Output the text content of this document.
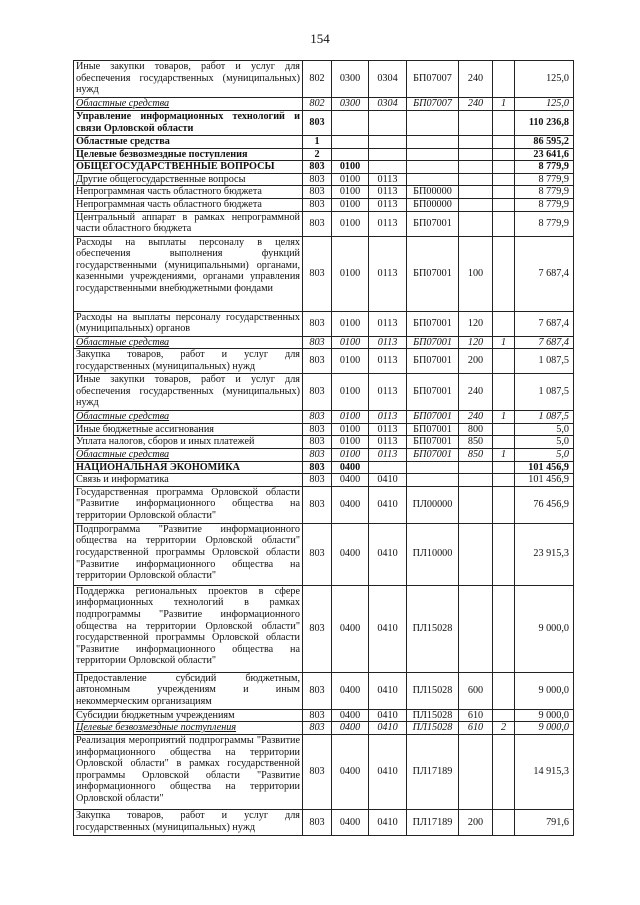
154
Иные закупки товаров, работ и услуг для обеспечения государственных (муниципальных) нужд	802	0300	0304	БП07007	240		125,0
Областные средства	802	0300	0304	БП07007	240	1	125,0
Управление информационных технологий и связи Орловской области	803						110 236,8
Областные средства	1						86 595,2
Целевые безвозмездные поступления	2						23 641,6
ОБЩЕГОСУДАРСТВЕННЫЕ ВОПРОСЫ	803	0100					8 779,9
Другие общегосударственные вопросы	803	0100	0113				8 779,9
Непрограммная часть областного бюджета	803	0100	0113	БП00000			8 779,9
Непрограммная часть областного бюджета	803	0100	0113	БП00000			8 779,9
Центральный аппарат в рамках непрограммной части областного бюджета	803	0100	0113	БП07001			8 779,9
Расходы на выплаты персоналу в целях обеспечения выполнения функций государственными (муниципальными) органами, казенными учреждениями, органами управления государственными внебюджетными фондами	803	0100	0113	БП07001	100		7 687,4
Расходы на выплаты персоналу государственных (муниципальных) органов	803	0100	0113	БП07001	120		7 687,4
Областные средства	803	0100	0113	БП07001	120	1	7 687,4
Закупка товаров, работ и услуг для государственных (муниципальных) нужд	803	0100	0113	БП07001	200		1 087,5
Иные закупки товаров, работ и услуг для обеспечения государственных (муниципальных) нужд	803	0100	0113	БП07001	240		1 087,5
Областные средства	803	0100	0113	БП07001	240	1	1 087,5
Иные бюджетные ассигнования	803	0100	0113	БП07001	800		5,0
Уплата налогов, сборов и иных платежей	803	0100	0113	БП07001	850		5,0
Областные средства	803	0100	0113	БП07001	850	1	5,0
НАЦИОНАЛЬНАЯ ЭКОНОМИКА	803	0400					101 456,9
Связь и информатика	803	0400	0410				101 456,9
Государственная программа Орловской области "Развитие информационного общества на территории Орловской области"	803	0400	0410	ПЛ00000			76 456,9
Подпрограмма "Развитие информационного общества на территории Орловской области" государственной программы Орловской области "Развитие информационного общества на территории Орловской области"	803	0400	0410	ПЛ10000			23 915,3
Поддержка региональных проектов в сфере информационных технологий в рамках подпрограммы "Развитие информационного общества на территории Орловской области" государственной программы Орловской области "Развитие информационного общества на территории Орловской области"	803	0400	0410	ПЛ15028			9 000,0
Предоставление субсидий бюджетным, автономным учреждениям и иным некоммерческим организациям	803	0400	0410	ПЛ15028	600		9 000,0
Субсидии бюджетным учреждениям	803	0400	0410	ПЛ15028	610		9 000,0
Целевые безвозмездные поступления	803	0400	0410	ПЛ15028	610	2	9 000,0
Реализация мероприятий подпрограммы "Развитие информационного общества на территории Орловской области" в рамках государственной программы Орловской области "Развитие информационного общества на территории Орловской области"	803	0400	0410	ПЛ17189			14 915,3
Закупка товаров, работ и услуг для государственных (муниципальных) нужд	803	0400	0410	ПЛ17189	200		791,6
